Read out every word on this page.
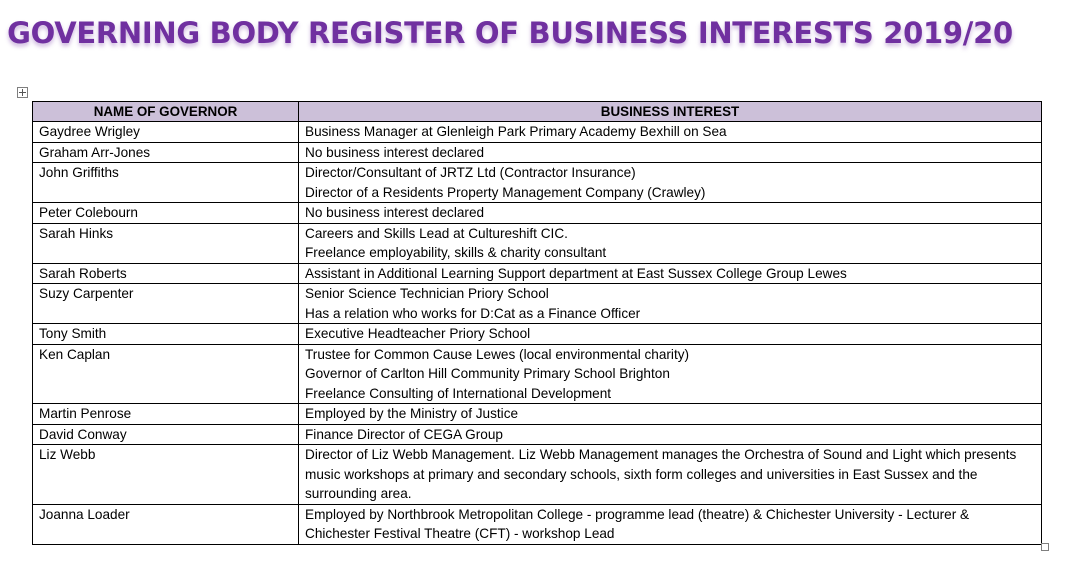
GOVERNING BODY REGISTER OF BUSINESS INTERESTS 2019/20
NAME OF GOVERNOR	BUSINESS INTEREST
Gaydree Wrigley	Business Manager at Glenleigh Park Primary Academy Bexhill on Sea

Graham Arr-Jones	No business interest declared

John Griffiths	Director/Consultant of JRTZ Ltd (Contractor Insurance)
Director of a Residents Property Management Company (Crawley)

Peter Colebourn	No business interest declared

Sarah Hinks	Careers and Skills Lead at Cultureshift CIC.
Freelance employability, skills & charity consultant

Sarah Roberts	Assistant in Additional Learning Support department at East Sussex College Group Lewes

Suzy Carpenter	Senior Science Technician Priory School
Has a relation who works for D:Cat as a Finance Officer

Tony Smith	Executive Headteacher Priory School

Ken Caplan	Trustee for Common Cause Lewes (local environmental charity)
Governor of Carlton Hill Community Primary School Brighton
Freelance Consulting of International Development

Martin Penrose	Employed by the Ministry of Justice

David Conway	Finance Director of CEGA Group

Liz Webb	Director of Liz Webb Management. Liz Webb Management manages the Orchestra of Sound and Light which presents music workshops at primary and secondary schools, sixth form colleges and universities in East Sussex and the surrounding area.

Joanna Loader	Employed by Northbrook Metropolitan College - programme lead (theatre) & Chichester University - Lecturer & Chichester Festival Theatre (CFT) - workshop Lead
